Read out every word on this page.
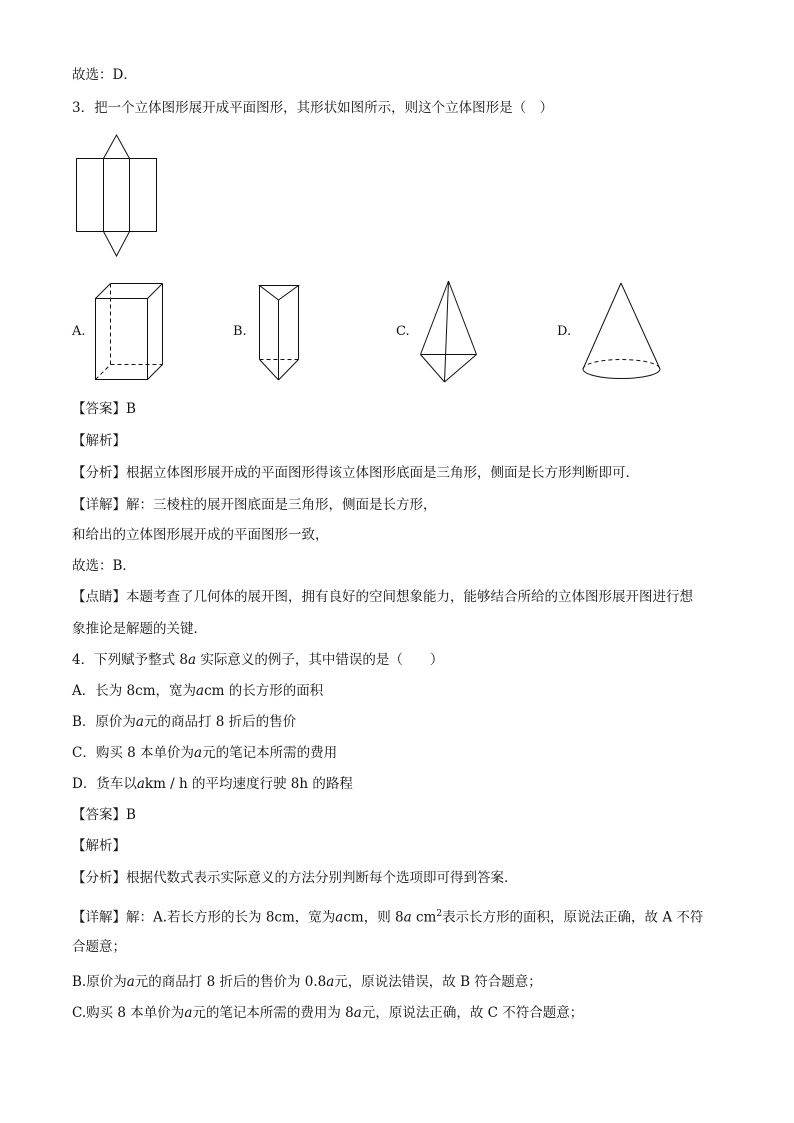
故选：D．
3．把一个立体图形展开成平面图形，其形状如图所示，则这个立体图形是（　）
A.	B.	C.	D.
【答案】B
【解析】
【分析】根据立体图形展开成的平面图形得该立体图形底面是三角形，侧面是长方形判断即可．
【详解】解：三棱柱的展开图底面是三角形，侧面是长方形，
和给出的立体图形展开成的平面图形一致，
故选：B．
【点睛】本题考查了几何体的展开图，拥有良好的空间想象能力，能够结合所给的立体图形展开图进行想
象推论是解题的关键．
4．下列赋予整式 8a 实际意义的例子，其中错误的是（　　）
A．长为 8cm，宽为acm 的长方形的面积
B．原价为a元的商品打 8 折后的售价
C．购买 8 本单价为a元的笔记本所需的费用
D．货车以akm / h 的平均速度行驶 8h 的路程
【答案】B
【解析】
【分析】根据代数式表示实际意义的方法分别判断每个选项即可得到答案．
【详解】解：A.若长方形的长为 8cm，宽为acm，则 8a $cm^2$表示长方形的面积，原说法正确，故 A 不符
合题意；
B.原价为a元的商品打 8 折后的售价为 0.8a元，原说法错误，故 B 符合题意；
C.购买 8 本单价为a元的笔记本所需的费用为 8a元，原说法正确，故 C 不符合题意；
